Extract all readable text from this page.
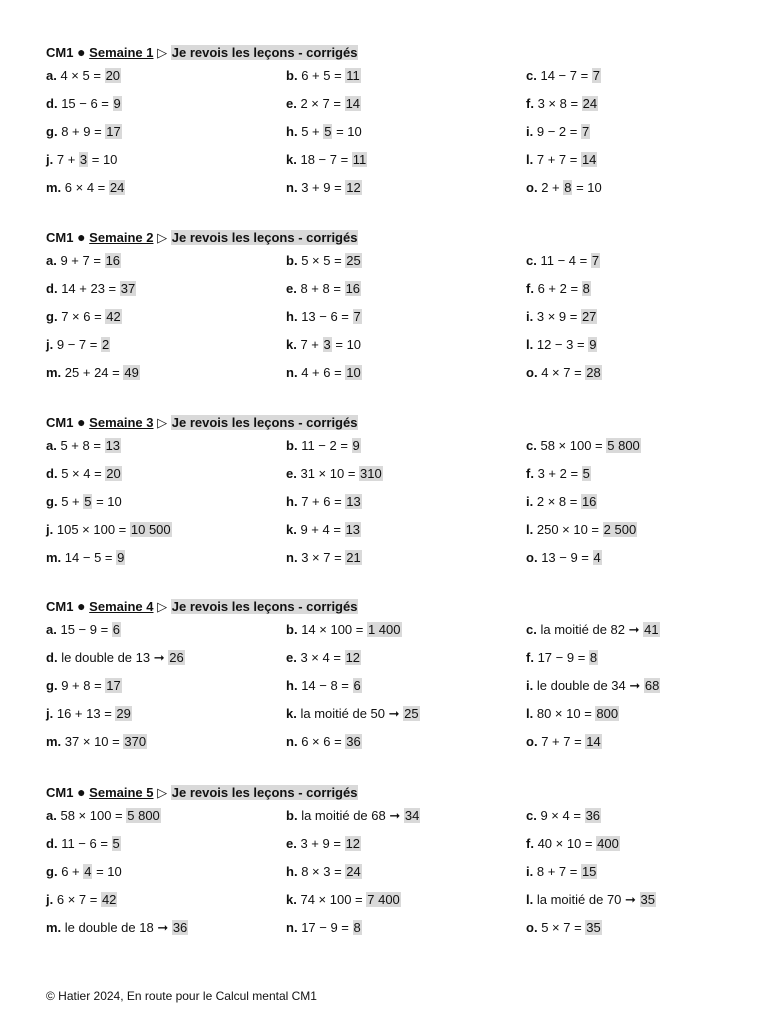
CM1 ● Semaine 1 ▷ Je revois les leçons - corrigés
a. 4 × 5 = 20	b. 6 + 5 = 11	c. 14 − 7 = 7
d. 15 − 6 = 9	e. 2 × 7 = 14	f. 3 × 8 = 24
g. 8 + 9 = 17	h. 5 + 5 = 10	i. 9 − 2 = 7
j. 7 + 3 = 10	k. 18 − 7 = 11	l. 7 + 7 = 14
m. 6 × 4 = 24	n. 3 + 9 = 12	o. 2 + 8 = 10
CM1 ● Semaine 2 ▷ Je revois les leçons - corrigés
a. 9 + 7 = 16	b. 5 × 5 = 25	c. 11 − 4 = 7
d. 14 + 23 = 37	e. 8 + 8 = 16	f. 6 + 2 = 8
g. 7 × 6 = 42	h. 13 − 6 = 7	i. 3 × 9 = 27
j. 9 − 7 = 2	k. 7 + 3 = 10	l. 12 − 3 = 9
m. 25 + 24 = 49	n. 4 + 6 = 10	o. 4 × 7 = 28
CM1 ● Semaine 3 ▷ Je revois les leçons - corrigés
a. 5 + 8 = 13	b. 11 − 2 = 9	c. 58 × 100 = 5 800
d. 5 × 4 = 20	e. 31 × 10 = 310	f. 3 + 2 = 5
g. 5 + 5 = 10	h. 7 + 6 = 13	i. 2 × 8 = 16
j. 105 × 100 = 10 500	k. 9 + 4 = 13	l. 250 × 10 = 2 500
m. 14 − 5 = 9	n. 3 × 7 = 21	o. 13 − 9 = 4
CM1 ● Semaine 4 ▷ Je revois les leçons - corrigés
a. 15 − 9 = 6	b. 14 × 100 = 1 400	c. la moitié de 82 ➞ 41
d. le double de 13 ➞ 26	e. 3 × 4 = 12	f. 17 − 9 = 8
g. 9 + 8 = 17	h. 14 − 8 = 6	i. le double de 34 ➞ 68
j. 16 + 13 = 29	k. la moitié de 50 ➞ 25	l. 80 × 10 = 800
m. 37 × 10 = 370	n. 6 × 6 = 36	o. 7 + 7 = 14
CM1 ● Semaine 5 ▷ Je revois les leçons - corrigés
a. 58 × 100 = 5 800	b. la moitié de 68 ➞ 34	c. 9 × 4 = 36
d. 11 − 6 = 5	e. 3 + 9 = 12	f. 40 × 10 = 400
g. 6 + 4 = 10	h. 8 × 3 = 24	i. 8 + 7 = 15
j. 6 × 7 = 42	k. 74 × 100 = 7 400	l. la moitié de 70 ➞ 35
m. le double de 18 ➞ 36	n. 17 − 9 = 8	o. 5 × 7 = 35
© Hatier 2024, En route pour le Calcul mental CM1
